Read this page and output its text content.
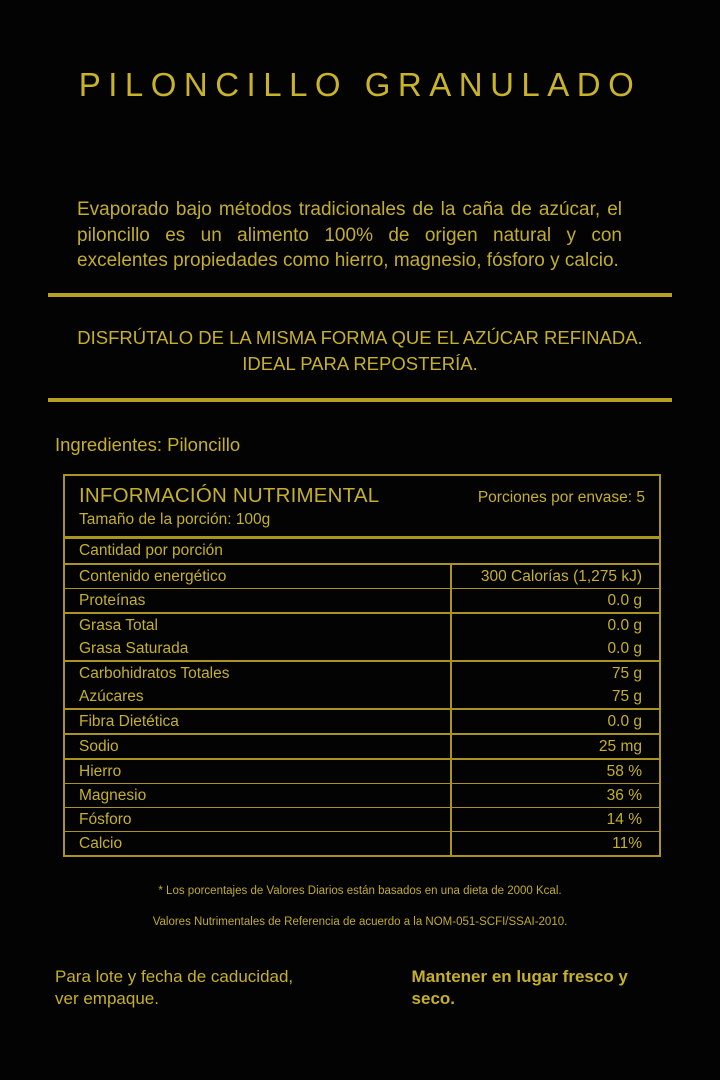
PILONCILLO GRANULADO

Evaporado bajo métodos tradicionales de la caña de azúcar, el piloncillo es un alimento 100% de origen natural y con excelentes propiedades como hierro, magnesio, fósforo y calcio.

DISFRÚTALO DE LA MISMA FORMA QUE EL AZÚCAR REFINADA.
IDEAL PARA REPOSTERÍA.
Ingredientes: Piloncillo
INFORMACIÓN NUTRIMENTAL	Porciones por envase: 5
Tamaño de la porción: 100g
Cantidad por porción
Contenido energético	300 Calorías (1,275 kJ)
Proteínas	0.0 g
Grasa Total	0.0 g
Grasa Saturada	0.0 g
Carbohidratos Totales	75 g
Azúcares	75 g
Fibra Dietética	0.0 g
Sodio	25 mg
Hierro	58 %
Magnesio	36 %
Fósforo	14 %
Calcio	11%
* Los porcentajes de Valores Diarios están basados en una dieta de 2000 Kcal.
Valores Nutrimentales de Referencia de acuerdo a la NOM-051-SCFI/SSAI-2010.
Para lote y fecha de caducidad,
ver empaque.
Mantener en lugar fresco y seco.
